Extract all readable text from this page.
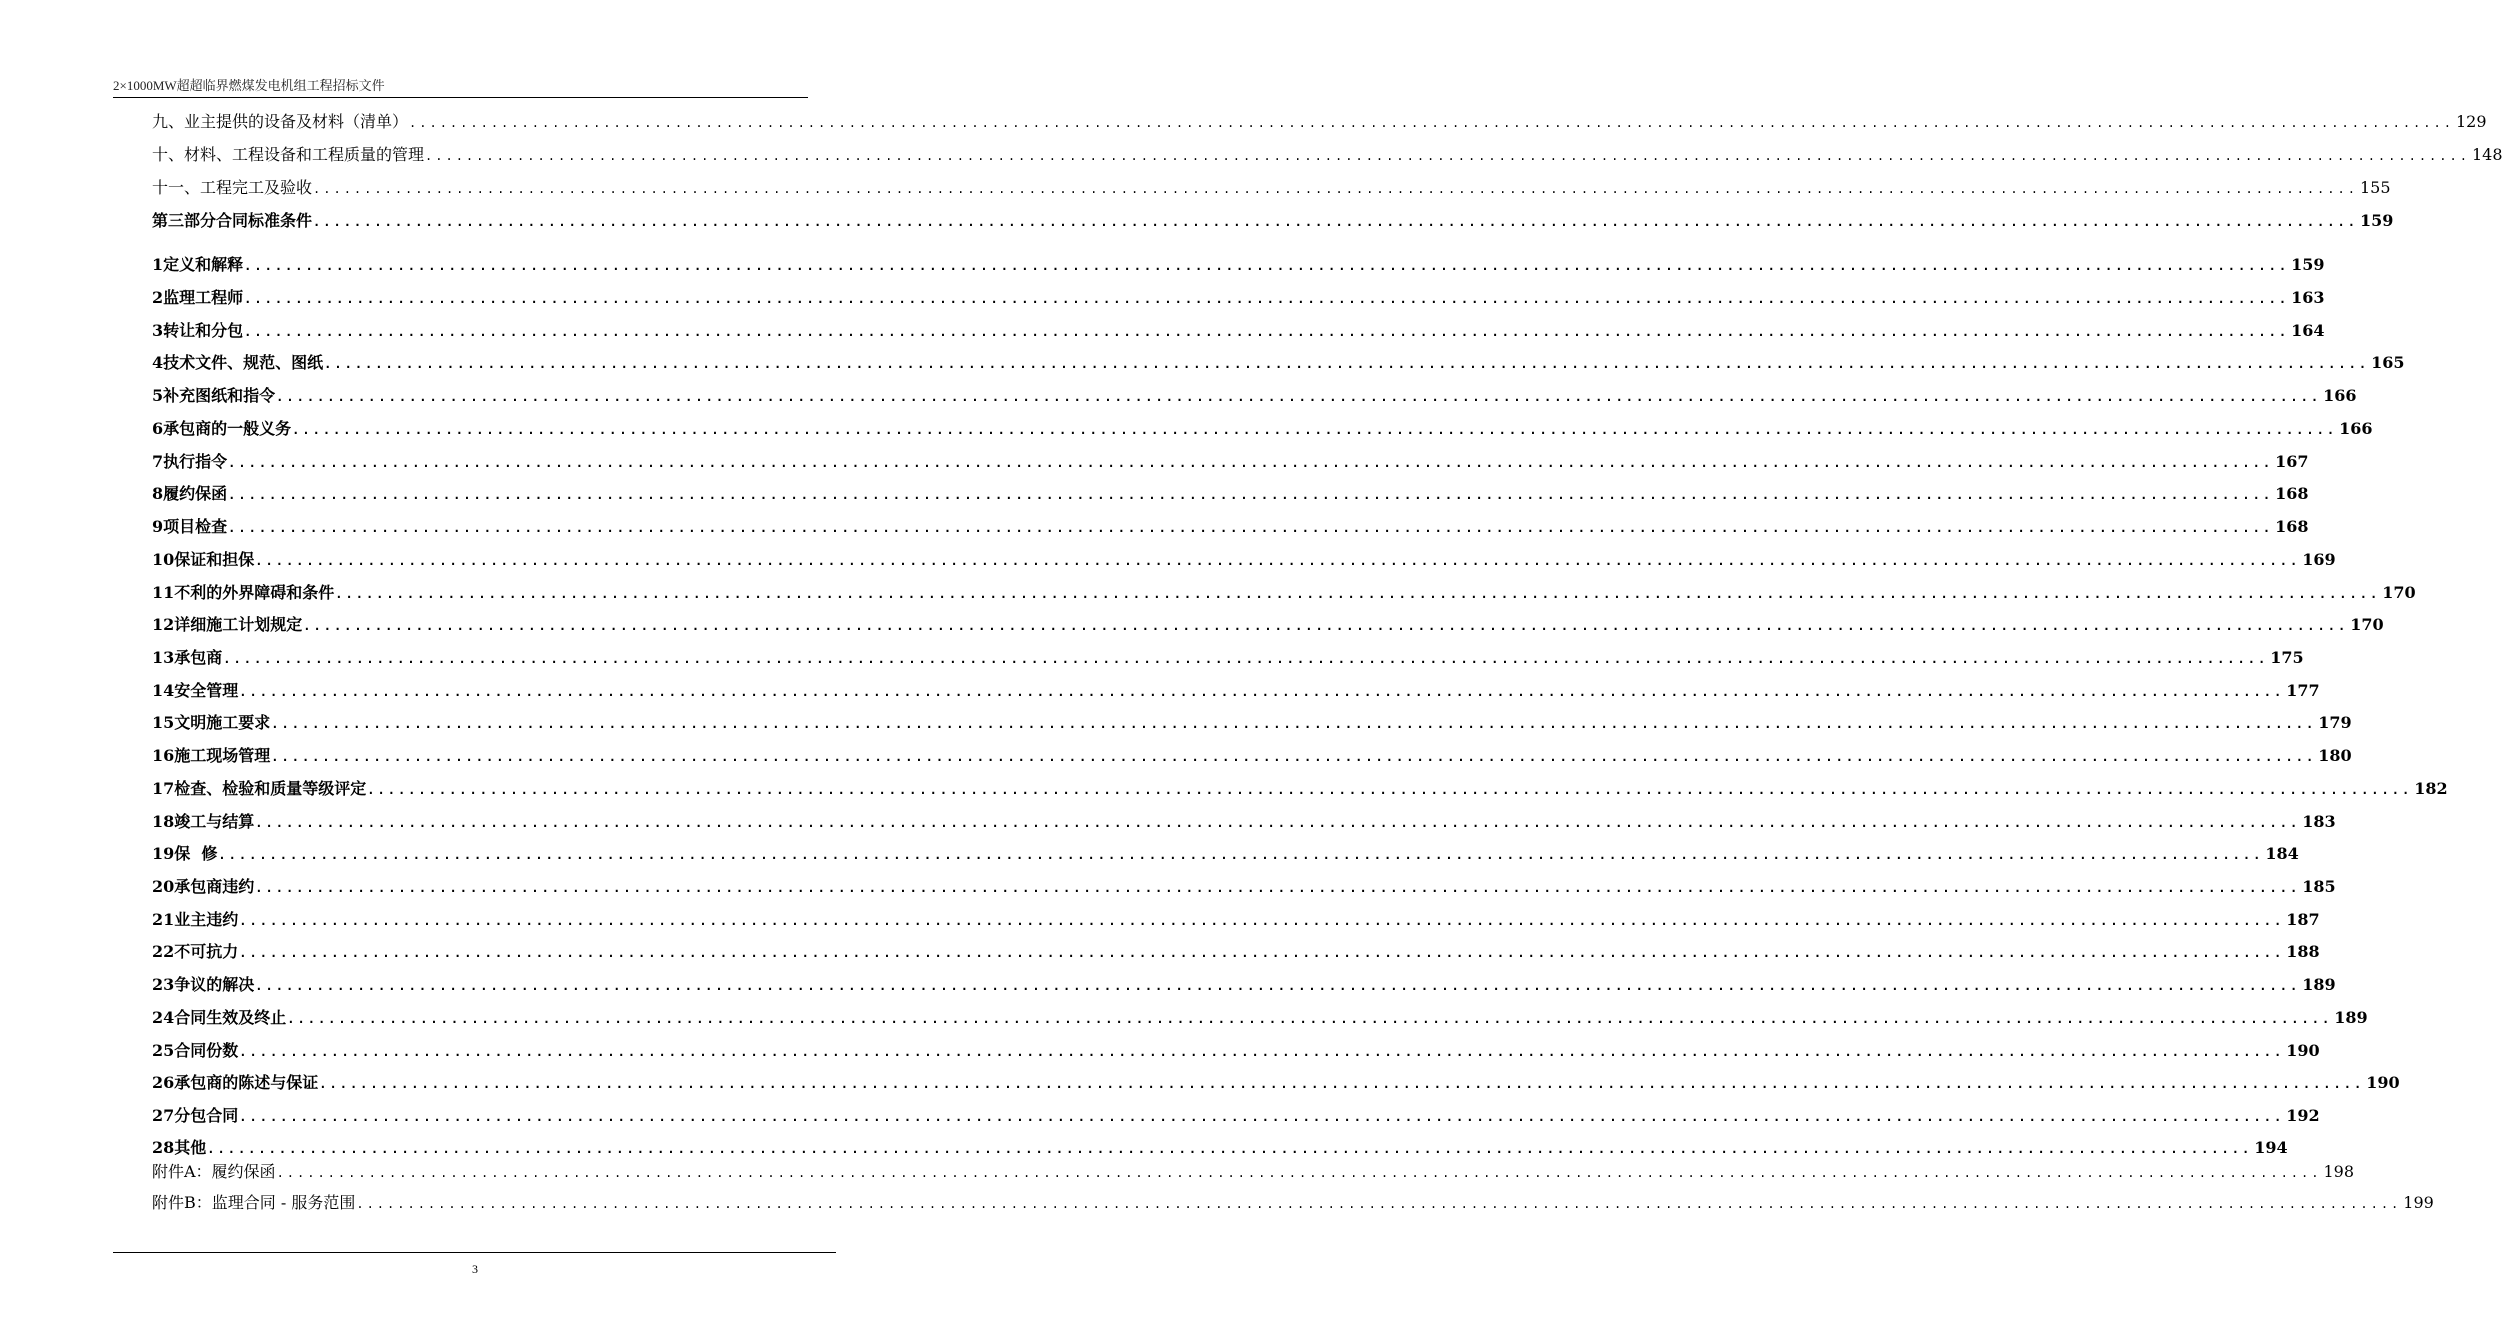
2×1000MW超超临界燃煤发电机组工程招标文件
九、 业主提供的设备及材料（清单） ........................................................................................................................................................................................................ 129
十、 材料、工程设备和工程质量的管理 ........................................................................................................................................................................................................ 148
十一、 工程完工及验收 ........................................................................................................................................................................................................ 155
第三部分 合同标准条件 ........................................................................................................................................................................................................ 159
1 定义和解释 ........................................................................................................................................................................................................ 159
2 监理工程师 ........................................................................................................................................................................................................ 163
3 转让和分包 ........................................................................................................................................................................................................ 164
4 技术文件、规范、图纸 ........................................................................................................................................................................................................ 165
5 补充图纸和指令 ........................................................................................................................................................................................................ 166
6 承包商的一般义务 ........................................................................................................................................................................................................ 166
7 执行指令 ........................................................................................................................................................................................................ 167
8 履约保函 ........................................................................................................................................................................................................ 168
9 项目检查 ........................................................................................................................................................................................................ 168
10 保证和担保 ........................................................................................................................................................................................................ 169
11 不利的外界障碍和条件 ........................................................................................................................................................................................................ 170
12 详细施工计划规定 ........................................................................................................................................................................................................ 170
13 承包商 ........................................................................................................................................................................................................ 175
14 安全管理 ........................................................................................................................................................................................................ 177
15 文明施工要求 ........................................................................................................................................................................................................ 179
16 施工现场管理 ........................................................................................................................................................................................................ 180
17 检查、检验和质量等级评定 ........................................................................................................................................................................................................ 182
18 竣工与结算 ........................................................................................................................................................................................................ 183
19 保  修 ........................................................................................................................................................................................................ 184
20 承包商违约 ........................................................................................................................................................................................................ 185
21 业主违约 ........................................................................................................................................................................................................ 187
22 不可抗力 ........................................................................................................................................................................................................ 188
23 争议的解决 ........................................................................................................................................................................................................ 189
24 合同生效及终止 ........................................................................................................................................................................................................ 189
25 合同份数 ........................................................................................................................................................................................................ 190
26 承包商的陈述与保证 ........................................................................................................................................................................................................ 190
27 分包合同 ........................................................................................................................................................................................................ 192
28 其他 ........................................................................................................................................................................................................ 194
附件A：履约保函 ........................................................................................................................................................................................................ 198
附件B：监理合同 - 服务范围 ........................................................................................................................................................................................................ 199
3
